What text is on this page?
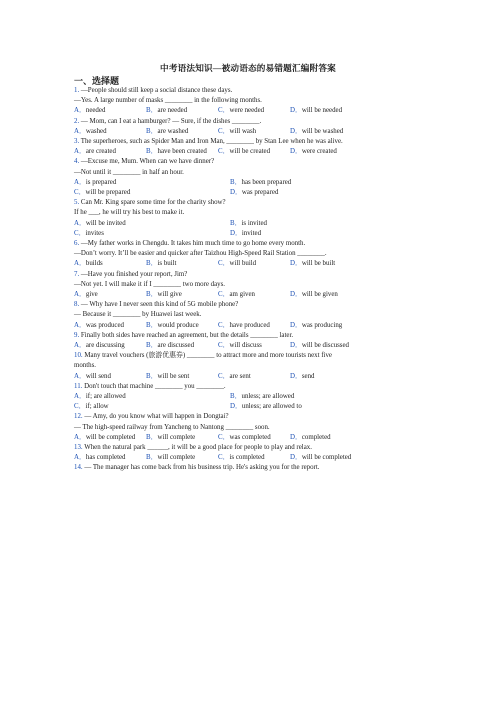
中考语法知识—被动语态的易错题汇编附答案
一、选择题
1. —People should still keep a social distance these days.
—Yes. A large number of masks ________ in the following months.
A．needed	B．are needed	C．were needed	D．will be needed
2. — Mom, can I eat a hamburger? — Sure, if the dishes ________.
A．washed	B．are washed	C．will wash	D．will be washed
3. The superheroes, such as Spider Man and Iron Man, ________ by Stan Lee when he was alive.
A．are created	B．have been created C．will be created	D．were created
4. —Excuse me, Mum. When can we have dinner?
—Not until it ________ in half an hour.
A．is prepared	B．has been prepared
C．will be prepared	D．was prepared
5. Can Mr. King spare some time for the charity show?
If he ___, he will try his best to make it.
A．will be invited	B．is invited
C．invites	D．invited
6. —My father works in Chengdu. It takes him much time to go home every month.
—Don’t worry. It’ll be easier and quicker after Taizhou High-Speed Rail Station ________.
A．builds	B．is built	C．will build	D．will be built
7. —Have you finished your report, Jim?
—Not yet. I will make it if I ________ two more days.
A．give	B．will give	C．am given	D．will be given
8. — Why have I never seen this kind of 5G mobile phone?
— Because it ________ by Huawei last week.
A．was produced	B．would produce	C．have produced	D．was producing
9. Finally both sides have reached an agreement, but the details ________ later.
A．are discussing	B．are discussed	C．will discuss	D．will be discussed
10. Many travel vouchers (旅游优惠券) ________ to attract more and more tourists next five
months.
A．will send	B．will be sent	C．are sent	D．send
11. Don't touch that machine ________ you ________.
A．if; are allowed	B．unless; are allowed
C．if; allow	D．unless; are allowed to
12. — Amy, do you know what will happen in Dongtai?
— The high-speed railway from Yancheng to Nantong ________ soon.
A．will be completed B．will complete	C．was completed	D．completed
13. When the natural park ______, it will be a good place for people to play and relax.
A．has completed	B．will complete	C．is completed	D．will be completed
14. — The manager has come back from his business trip. He's asking you for the report.
